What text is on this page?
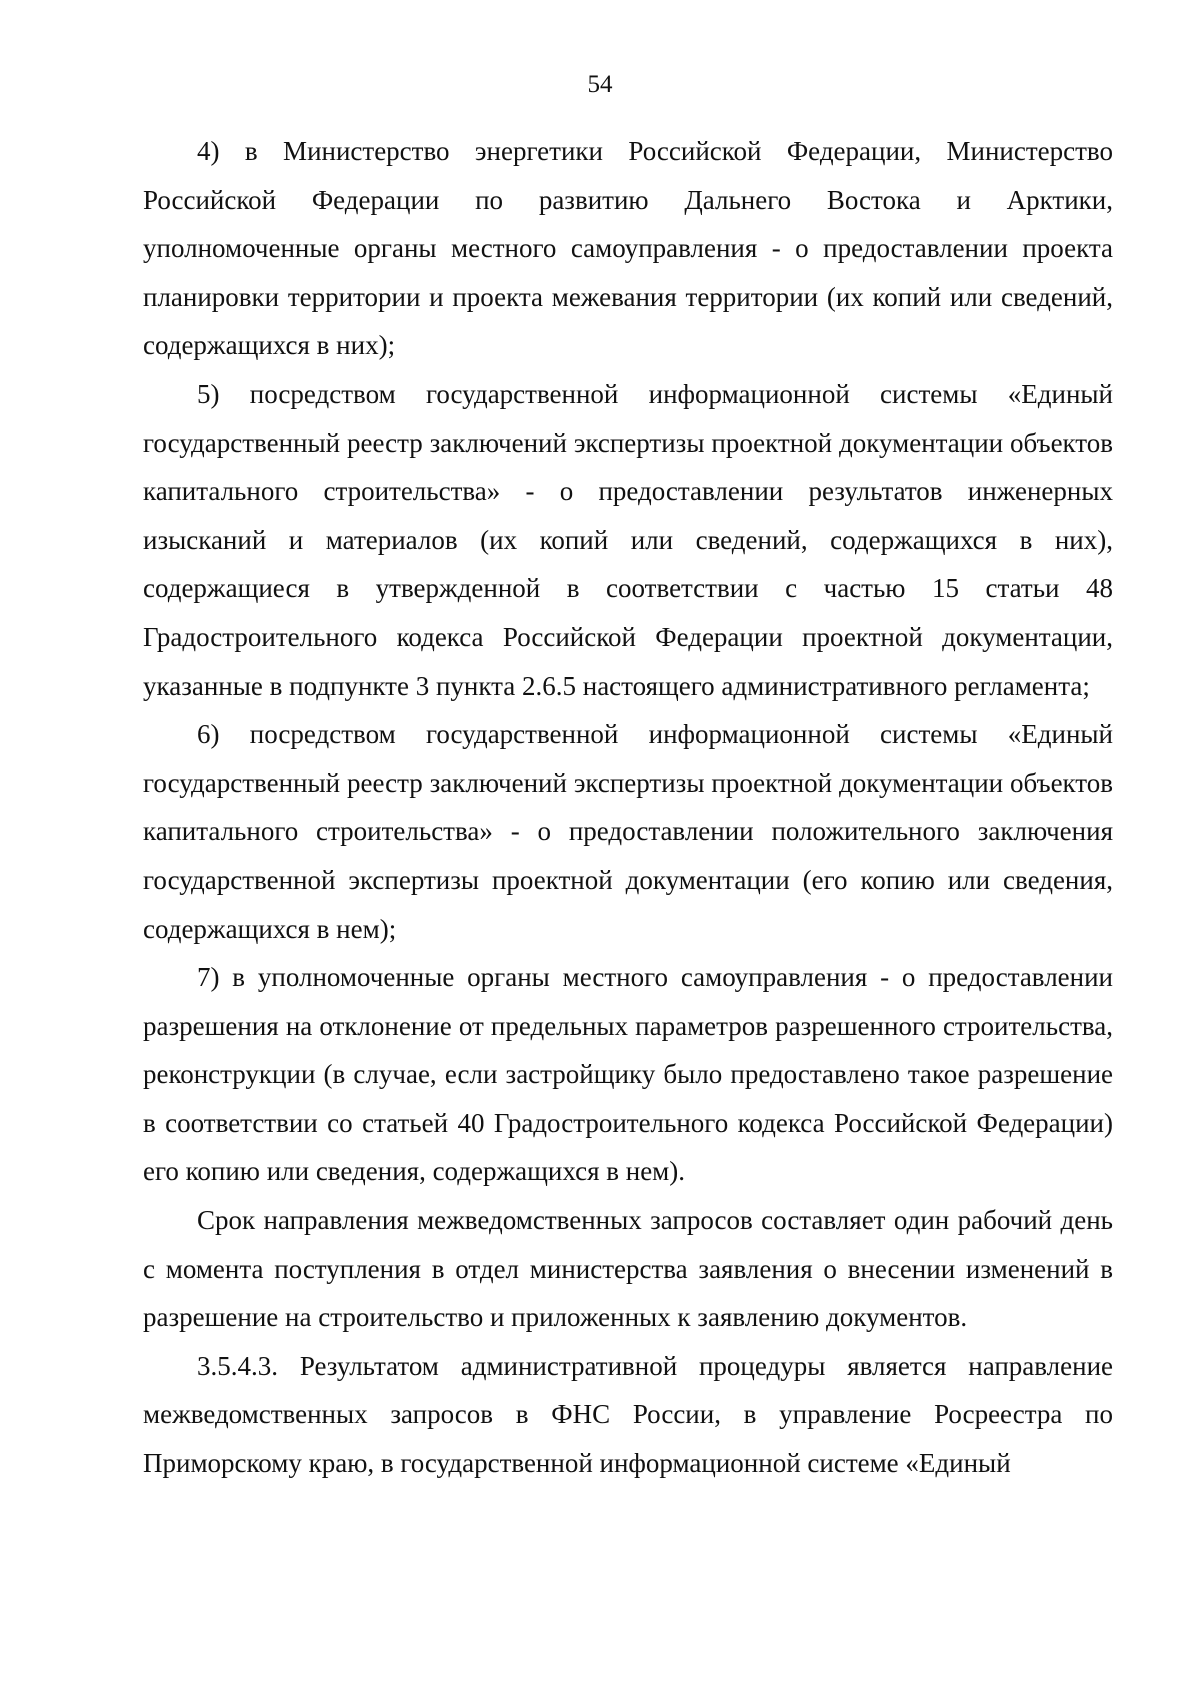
54

4) в Министерство энергетики Российской Федерации, Министерство Российской Федерации по развитию Дальнего Востока и Арктики, уполномоченные органы местного самоуправления - о предоставлении проекта планировки территории и проекта межевания территории (их копий или сведений, содержащихся в них);

5) посредством государственной информационной системы «Единый государственный реестр заключений экспертизы проектной документации объектов капитального строительства» - о предоставлении результатов инженерных изысканий и материалов (их копий или сведений, содержащихся в них), содержащиеся в утвержденной в соответствии с частью 15 статьи 48 Градостроительного кодекса Российской Федерации проектной документации, указанные в подпункте 3 пункта 2.6.5 настоящего административного регламента;

6) посредством государственной информационной системы «Единый государственный реестр заключений экспертизы проектной документации объектов капитального строительства» - о предоставлении положительного заключения государственной экспертизы проектной документации (его копию или сведения, содержащихся в нем);

7) в уполномоченные органы местного самоуправления - о предоставлении разрешения на отклонение от предельных параметров разрешенного строительства, реконструкции (в случае, если застройщику было предоставлено такое разрешение в соответствии со статьей 40 Градостроительного кодекса Российской Федерации) его копию или сведения, содержащихся в нем).

Срок направления межведомственных запросов составляет один рабочий день с момента поступления в отдел министерства заявления о внесении изменений в разрешение на строительство и приложенных к заявлению документов.

3.5.4.3. Результатом административной процедуры является направление межведомственных запросов в ФНС России, в управление Росреестра по Приморскому краю, в государственной информационной системе «Единый
